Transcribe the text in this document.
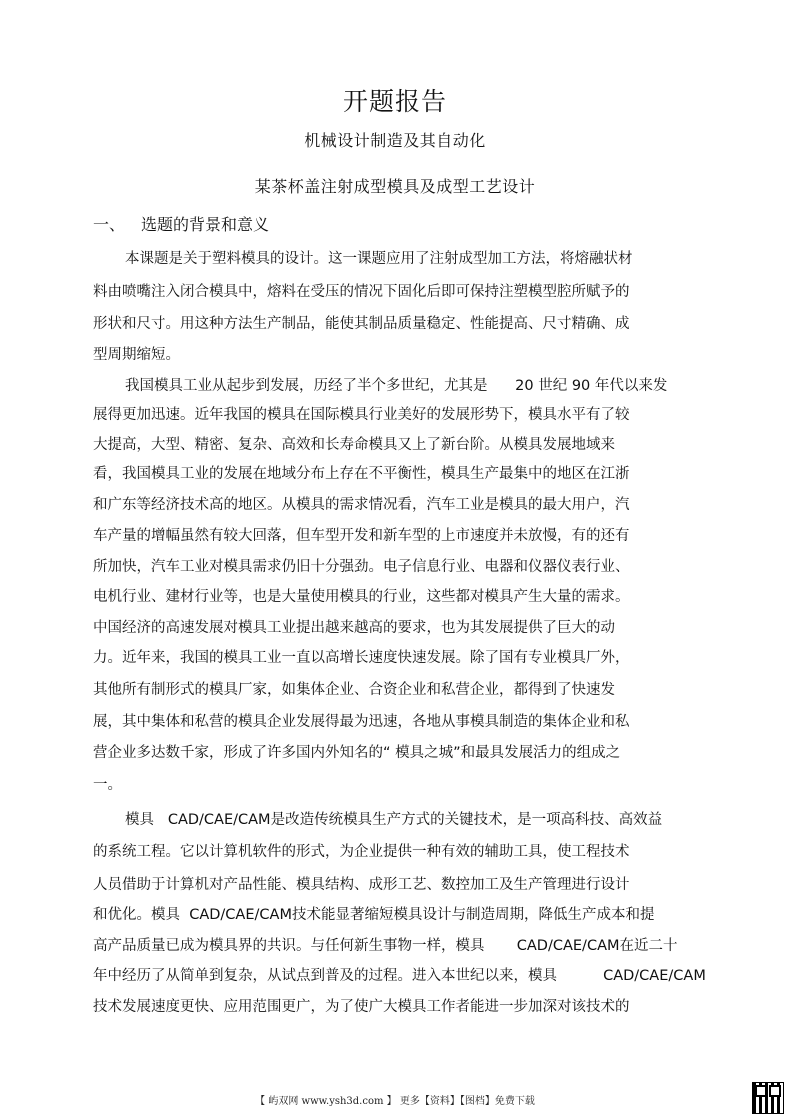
开题报告
机械设计制造及其自动化
某茶杯盖注射成型模具及成型工艺设计
一、 选题的背景和意义
本课题是关于塑料模具的设计。这一课题应用了注射成型加工方法，将熔融状材
料由喷嘴注入闭合模具中，熔料在受压的情况下固化后即可保持注塑模型腔所赋予的
形状和尺寸。用这种方法生产制品，能使其制品质量稳定、性能提高、尺寸精确、成
型周期缩短。
我国模具工业从起步到发展，历经了半个多世纪，尤其是      20 世纪 90 年代以来发
展得更加迅速。近年我国的模具在国际模具行业美好的发展形势下，模具水平有了较
大提高，大型、精密、复杂、高效和长寿命模具又上了新台阶。从模具发展地域来
看，我国模具工业的发展在地域分布上存在不平衡性，模具生产最集中的地区在江浙
和广东等经济技术高的地区。从模具的需求情况看，汽车工业是模具的最大用户，汽
车产量的增幅虽然有较大回落，但车型开发和新车型的上市速度并未放慢，有的还有
所加快，汽车工业对模具需求仍旧十分强劲。电子信息行业、电器和仪器仪表行业、
电机行业、建材行业等，也是大量使用模具的行业，这些都对模具产生大量的需求。
中国经济的高速发展对模具工业提出越来越高的要求，也为其发展提供了巨大的动
力。近年来，我国的模具工业一直以高增长速度快速发展。除了国有专业模具厂外，
其他所有制形式的模具厂家，如集体企业、合资企业和私营企业，都得到了快速发
展，其中集体和私营的模具企业发展得最为迅速，各地从事模具制造的集体企业和私
营企业多达数千家，形成了许多国内外知名的“ 模具之城”和最具发展活力的组成之
一。
模具   CAD/CAE/CAM是改造传统模具生产方式的关键技术，是一项高科技、高效益
的系统工程。它以计算机软件的形式，为企业提供一种有效的辅助工具，使工程技术
人员借助于计算机对产品性能、模具结构、成形工艺、数控加工及生产管理进行设计
和优化。模具  CAD/CAE/CAM技术能显著缩短模具设计与制造周期，降低生产成本和提
高产品质量已成为模具界的共识。与任何新生事物一样，模具       CAD/CAE/CAM在近二十
年中经历了从简单到复杂，从试点到普及的过程。进入本世纪以来，模具          CAD/CAE/CAM
技术发展速度更快、应用范围更广，为了使广大模具工作者能进一步加深对该技术的
【 屿双网 www.ysh3d.com 】 更多【资料】【图档】免费下载
